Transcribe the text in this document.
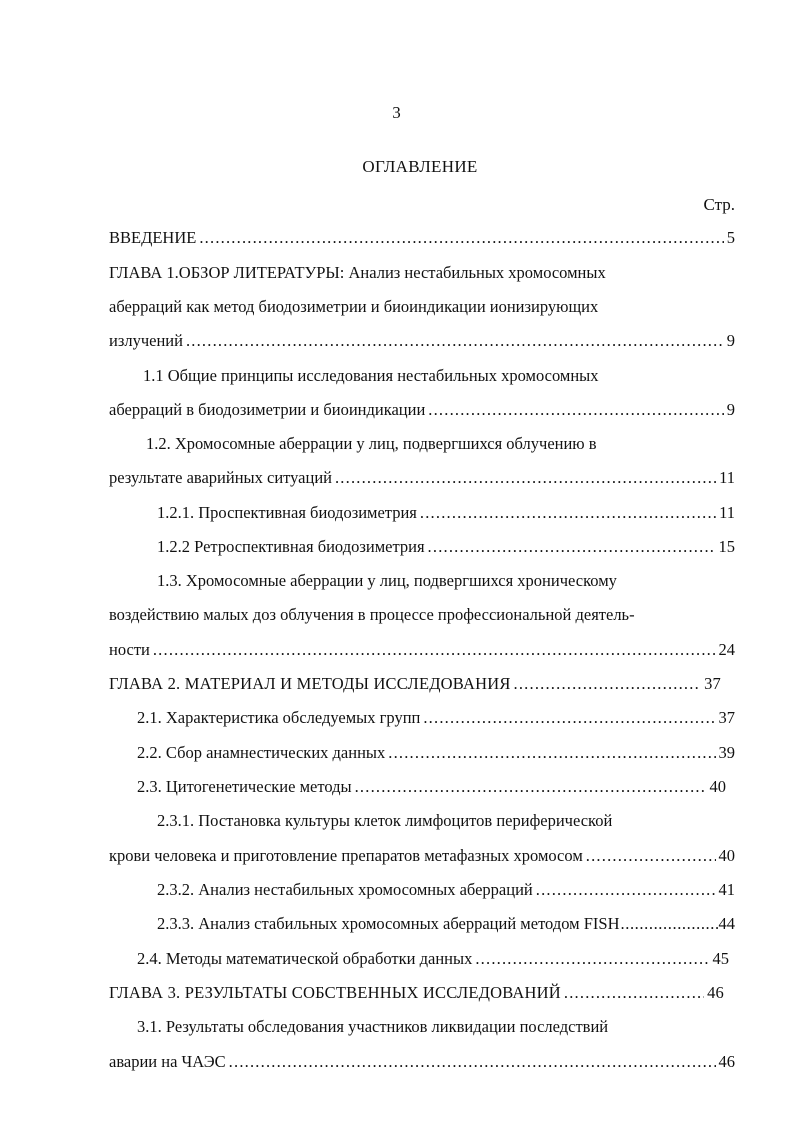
3
ОГЛАВЛЕНИЕ
Стр.
ВВЕДЕНИЕ .....	5
ГЛАВА 1.ОБЗОР ЛИТЕРАТУРЫ: Анализ нестабильных хромосомных
аберраций как метод биодозиметрии и биоиндикации ионизирующих
излучений .....	9
1.1 Общие принципы исследования нестабильных хромосомных
аберраций в биодозиметрии и биоиндикации .....	9
1.2. Хромосомные аберрации у лиц, подвергшихся облучению в
результате аварийных ситуаций .....	11
1.2.1. Проспективная биодозиметрия .....	11
1.2.2 Ретроспективная биодозиметрия .....	15
1.3. Хромосомные аберрации у лиц, подвергшихся хроническому
воздействию малых доз облучения в процессе профессиональной деятель-
ности .....	24
ГЛАВА 2. МАТЕРИАЛ И МЕТОДЫ ИССЛЕДОВАНИЯ .....	37
2.1. Характеристика обследуемых групп .....	37
2.2. Сбор анамнестических данных .....	39
2.3. Цитогенетические методы .....	40
2.3.1. Постановка культуры клеток лимфоцитов периферической
крови человека и приготовление препаратов метафазных хромосом .....	40
2.3.2. Анализ нестабильных хромосомных аберраций .....	41
2.3.3. Анализ стабильных хромосомных аберраций методом FISH .....	44
2.4. Методы математической обработки данных .....	45
ГЛАВА 3. РЕЗУЛЬТАТЫ СОБСТВЕННЫХ ИССЛЕДОВАНИЙ .....	46
3.1. Результаты обследования участников ликвидации последствий
аварии на ЧАЭС .....	46
